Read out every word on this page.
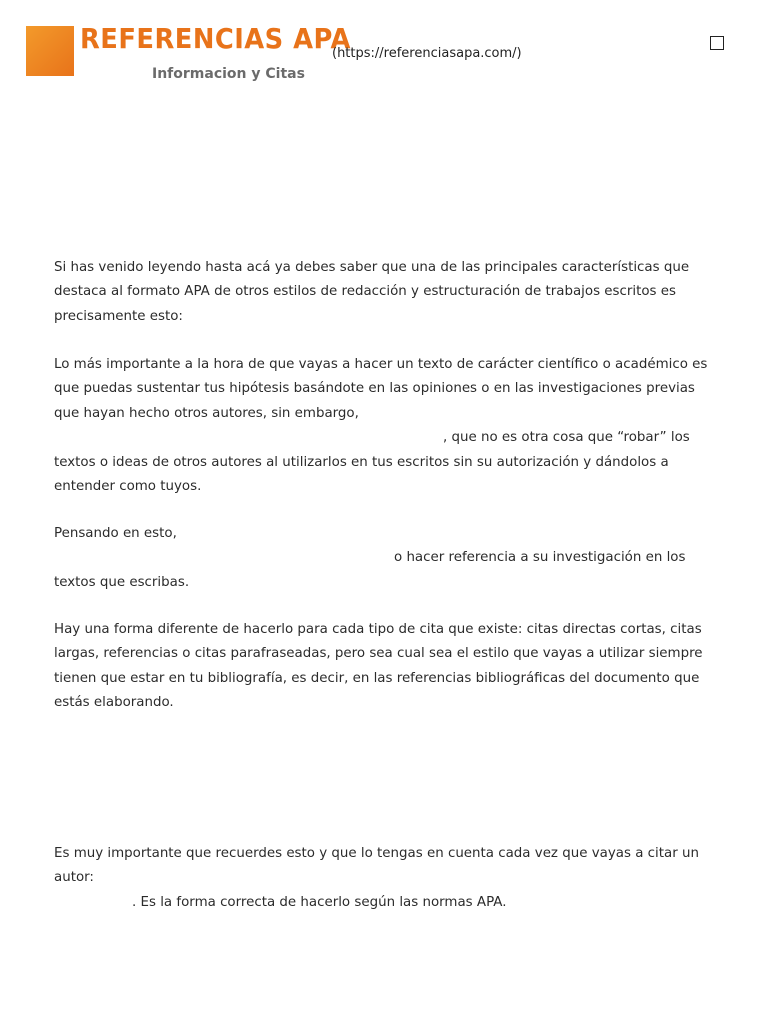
REFERENCIAS APA
Informacion y Citas
(https://referenciasapa.com/)

Si has venido leyendo hasta acá ya debes saber que una de las principales características que
destaca al formato APA de otros estilos de redacción y estructuración de trabajos escritos es
precisamente esto:

Lo más importante a la hora de que vayas a hacer un texto de carácter científico o académico es
que puedas sustentar tus hipótesis basándote en las opiniones o en las investigaciones previas
que hayan hecho otros autores, sin embargo,
, que no es otra cosa que “robar” los
textos o ideas de otros autores al utilizarlos en tus escritos sin su autorización y dándolos a
entender como tuyos.

Pensando en esto,
o hacer referencia a su investigación en los
textos que escribas.

Hay una forma diferente de hacerlo para cada tipo de cita que existe: citas directas cortas, citas
largas, referencias o citas parafraseadas, pero sea cual sea el estilo que vayas a utilizar siempre
tienen que estar en tu bibliografía, es decir, en las referencias bibliográficas del documento que
estás elaborando.

Es muy importante que recuerdes esto y que lo tengas en cuenta cada vez que vayas a citar un
autor:
. Es la forma correcta de hacerlo según las normas APA.
